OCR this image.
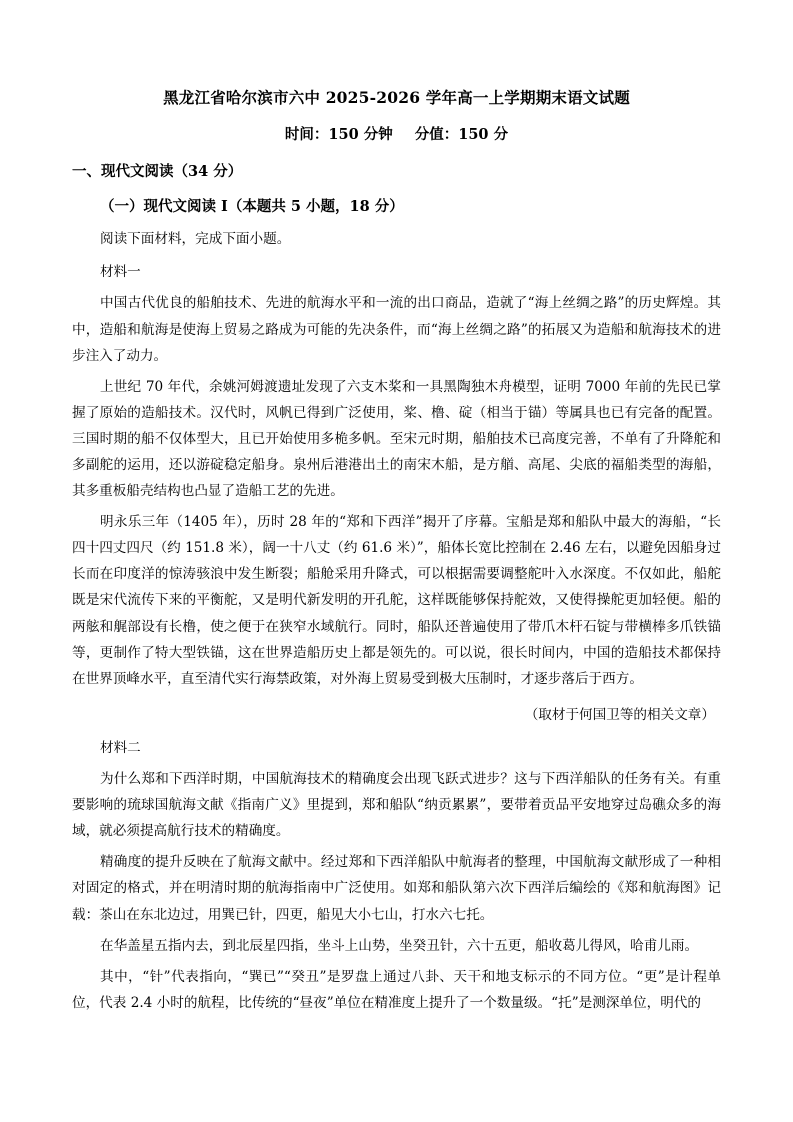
黑龙江省哈尔滨市六中 2025-2026 学年高一上学期期末语文试题
时间：150 分钟 分值：150 分
一、现代文阅读（34 分）
（一）现代文阅读 I（本题共 5 小题，18 分）

阅读下面材料，完成下面小题。

材料一

中国古代优良的船舶技术、先进的航海水平和一流的出口商品，造就了“海上丝绸之路”的历史辉煌。其中，造船和航海是使海上贸易之路成为可能的先决条件，而“海上丝绸之路”的拓展又为造船和航海技术的进步注入了动力。

上世纪 70 年代，余姚河姆渡遗址发现了六支木桨和一具黑陶独木舟模型，证明 7000 年前的先民已掌握了原始的造船技术。汉代时，风帆已得到广泛使用，桨、橹、碇（相当于锚）等属具也已有完备的配置。三国时期的船不仅体型大，且已开始使用多桅多帆。至宋元时期，船舶技术已高度完善，不单有了升降舵和多副舵的运用，还以游碇稳定船身。泉州后港港出土的南宋木船，是方艏、高尾、尖底的福船类型的海船，其多重板船壳结构也凸显了造船工艺的先进。

明永乐三年（1405 年），历时 28 年的“郑和下西洋”揭开了序幕。宝船是郑和船队中最大的海船，“长四十四丈四尺（约 151.8 米），阔一十八丈（约 61.6 米）”，船体长宽比控制在 2.46 左右，以避免因船身过长而在印度洋的惊涛骇浪中发生断裂；船舱采用升降式，可以根据需要调整舵叶入水深度。不仅如此，船舵既是宋代流传下来的平衡舵，又是明代新发明的开孔舵，这样既能够保持舵效，又使得操舵更加轻便。船的两舷和艉部设有长橹，使之便于在狭窄水域航行。同时，船队还普遍使用了带爪木杆石锭与带横棒多爪铁锚等，更制作了特大型铁锚，这在世界造船历史上都是领先的。可以说，很长时间内，中国的造船技术都保持在世界顶峰水平，直至清代实行海禁政策，对外海上贸易受到极大压制时，才逐步落后于西方。

（取材于何国卫等的相关文章）

材料二

为什么郑和下西洋时期，中国航海技术的精确度会出现飞跃式进步？这与下西洋船队的任务有关。有重要影响的琉球国航海文献《指南广义》里提到，郑和船队“纳贡累累”，要带着贡品平安地穿过岛礁众多的海域，就必须提高航行技术的精确度。

精确度的提升反映在了航海文献中。经过郑和下西洋船队中航海者的整理，中国航海文献形成了一种相对固定的格式，并在明清时期的航海指南中广泛使用。如郑和船队第六次下西洋后编绘的《郑和航海图》记载：茶山在东北边过，用巽已针，四更，船见大小七山，打水六七托。

在华盖星五指内去，到北辰星四指，坐斗上山势，坐癸丑针，六十五更，船收葛儿得风，哈甫儿雨。

其中，“针”代表指向，“巽已”“癸丑”是罗盘上通过八卦、天干和地支标示的不同方位。“更”是计程单位，代表 2.4 小时的航程，比传统的“昼夜”单位在精准度上提升了一个数量级。“托”是测深单位，明代的
